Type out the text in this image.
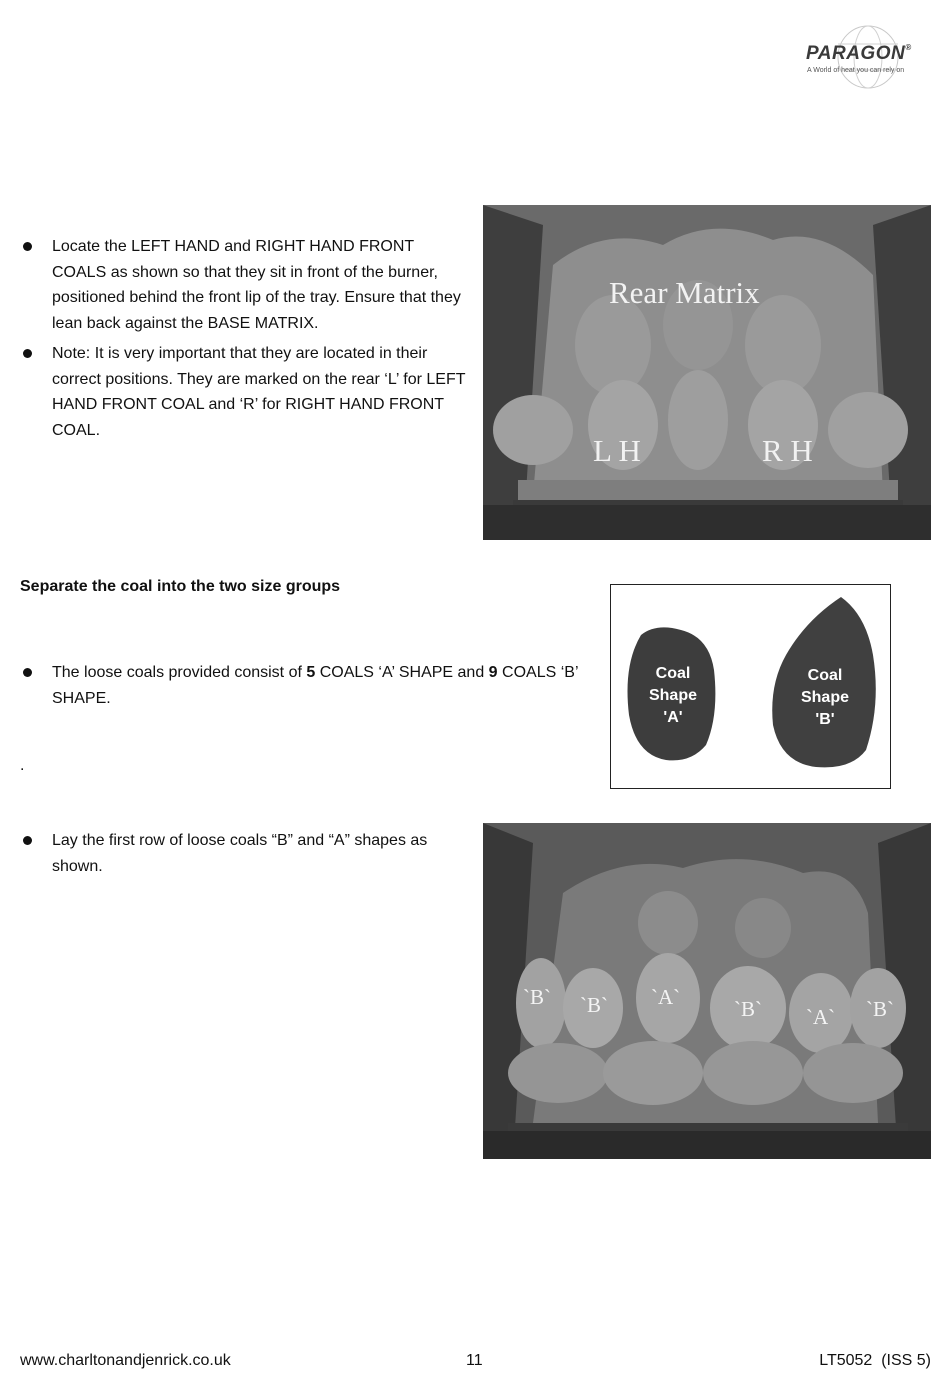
PARAGON®
A World of heat you can rely on
Locate the LEFT HAND and RIGHT HAND FRONT COALS as shown so that they sit in front of the burner, positioned behind the front lip of the tray. Ensure that they lean back against the BASE MATRIX.
Note: It is very important that they are located in their correct positions. They are marked on the rear ‘L’ for LEFT HAND FRONT COAL and ‘R’ for RIGHT HAND FRONT COAL.
Rear Matrix
L H	R H
Separate the coal into the two size groups
The loose coals provided consist of 5 COALS ‘A’ SHAPE and 9 COALS ‘B’ SHAPE.
.
Coal
Shape
'A'
Coal
Shape
'B'
Lay the first row of loose coals “B” and “A” shapes as shown.
`B` `B` `A`	`B` `A` `B`
www.charltonandjenrick.co.uk	11	LT5052  (ISS 5)
